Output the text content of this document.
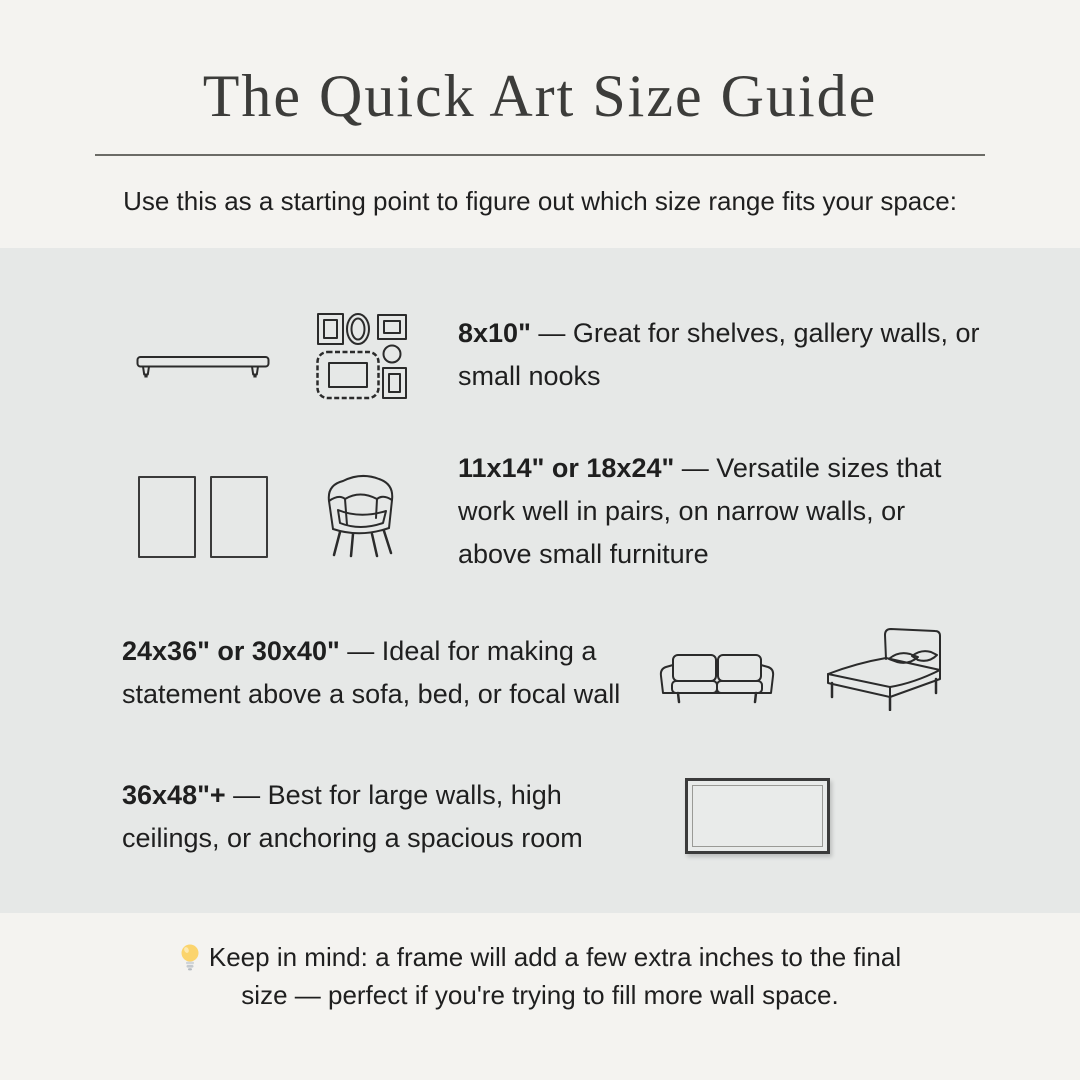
The Quick Art Size Guide

Use this as a starting point to figure out which size range fits your space:

8x10" — Great for shelves, gallery walls, or small nooks

11x14" or 18x24" — Versatile sizes that work well in pairs, on narrow walls, or above small furniture

24x36" or 30x40" — Ideal for making a statement above a sofa, bed, or focal wall

36x48"+ — Best for large walls, high ceilings, or anchoring a spacious room

Keep in mind: a frame will add a few extra inches to the final size — perfect if you're trying to fill more wall space.
